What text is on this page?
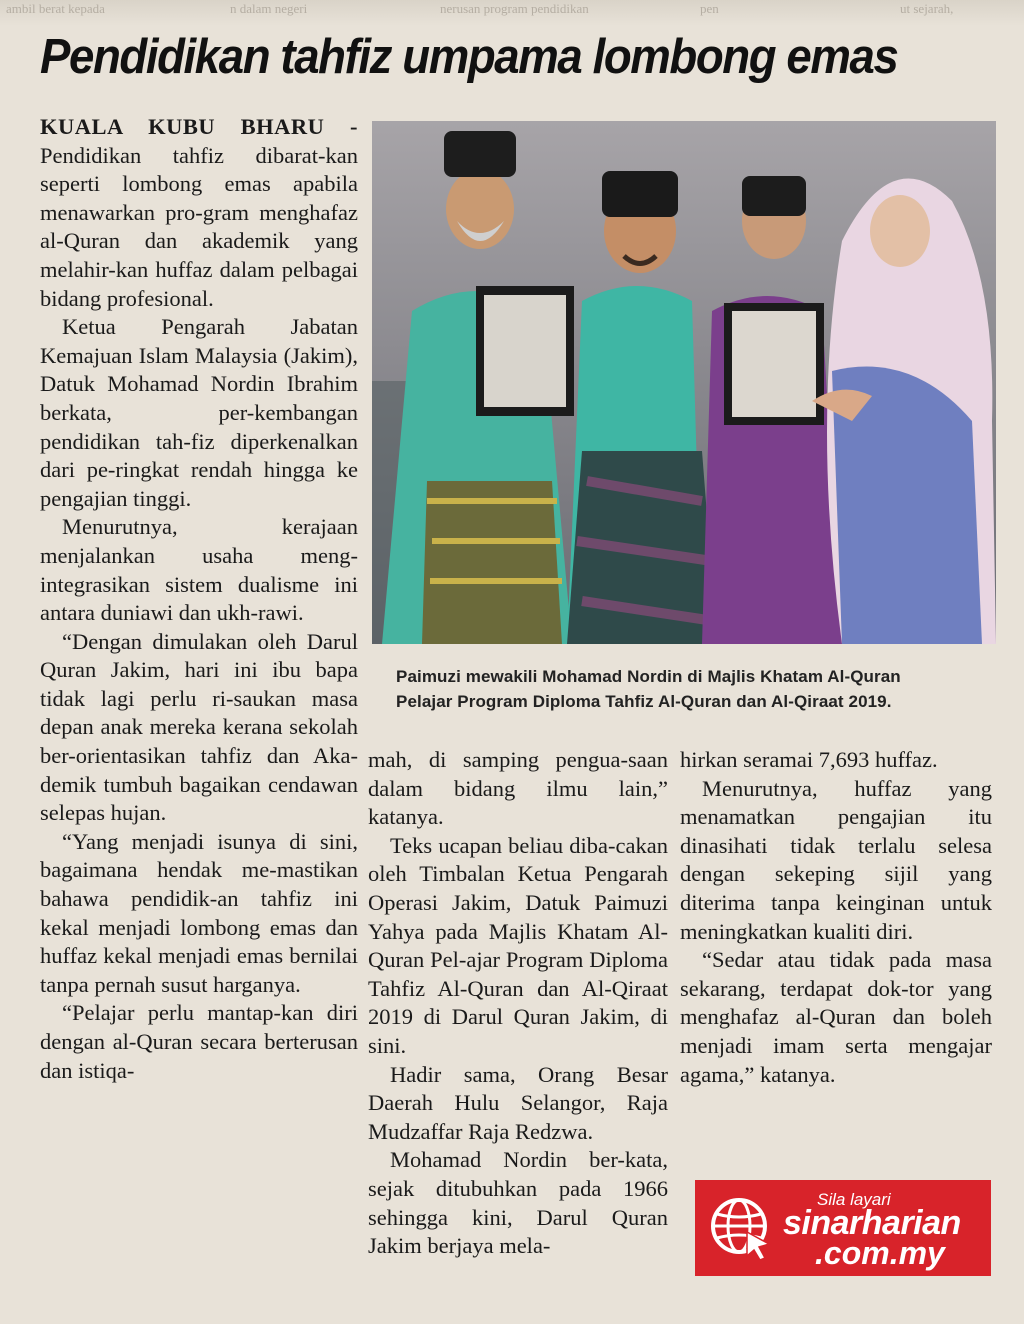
ambil berat kepada	n dalam negeri	nerusan program pendidikan	pen	ut sejarah,
Pendidikan tahfiz umpama lombong emas

KUALA KUBU BHARU - Pendidikan tahfiz dibarat-kan seperti lombong emas apabila menawarkan pro-gram menghafaz al-Quran dan akademik yang melahir-kan huffaz dalam pelbagai bidang profesional.

Ketua Pengarah Jabatan Kemajuan Islam Malaysia (Jakim), Datuk Mohamad Nordin Ibrahim berkata, per-kembangan pendidikan tah-fiz diperkenalkan dari pe-ringkat rendah hingga ke pengajian tinggi.

Menurutnya, kerajaan menjalankan usaha meng-integrasikan sistem dualisme ini antara duniawi dan ukh-rawi.

“Dengan dimulakan oleh Darul Quran Jakim, hari ini ibu bapa tidak lagi perlu ri-saukan masa depan anak mereka kerana sekolah ber-orientasikan tahfiz dan Aka-demik tumbuh bagaikan cendawan selepas hujan.

“Yang menjadi isunya di sini, bagaimana hendak me-mastikan bahawa pendidik-an tahfiz ini kekal menjadi lombong emas dan huffaz kekal menjadi emas bernilai tanpa pernah susut harganya.

“Pelajar perlu mantap-kan diri dengan al-Quran secara berterusan dan istiqa-

Paimuzi mewakili Mohamad Nordin di Majlis Khatam Al-Quran
Pelajar Program Diploma Tahfiz Al-Quran dan Al-Qiraat 2019.

mah, di samping pengua-saan dalam bidang ilmu lain,” katanya.

Teks ucapan beliau diba-cakan oleh Timbalan Ketua Pengarah Operasi Jakim, Datuk Paimuzi Yahya pada Majlis Khatam Al-Quran Pel-ajar Program Diploma Tahfiz Al-Quran dan Al-Qiraat 2019 di Darul Quran Jakim, di sini.

Hadir sama, Orang Besar Daerah Hulu Selangor, Raja Mudzaffar Raja Redzwa.

Mohamad Nordin ber-kata, sejak ditubuhkan pada 1966 sehingga kini, Darul Quran Jakim berjaya mela-

hirkan seramai 7,693 huffaz.

Menurutnya, huffaz yang menamatkan pengajian itu dinasihati tidak terlalu selesa dengan sekeping sijil yang diterima tanpa keinginan untuk meningkatkan kualiti diri.

“Sedar atau tidak pada masa sekarang, terdapat dok-tor yang menghafaz al-Quran dan boleh menjadi imam serta mengajar agama,” katanya.

Sila layari
sinarharian
.com.my
